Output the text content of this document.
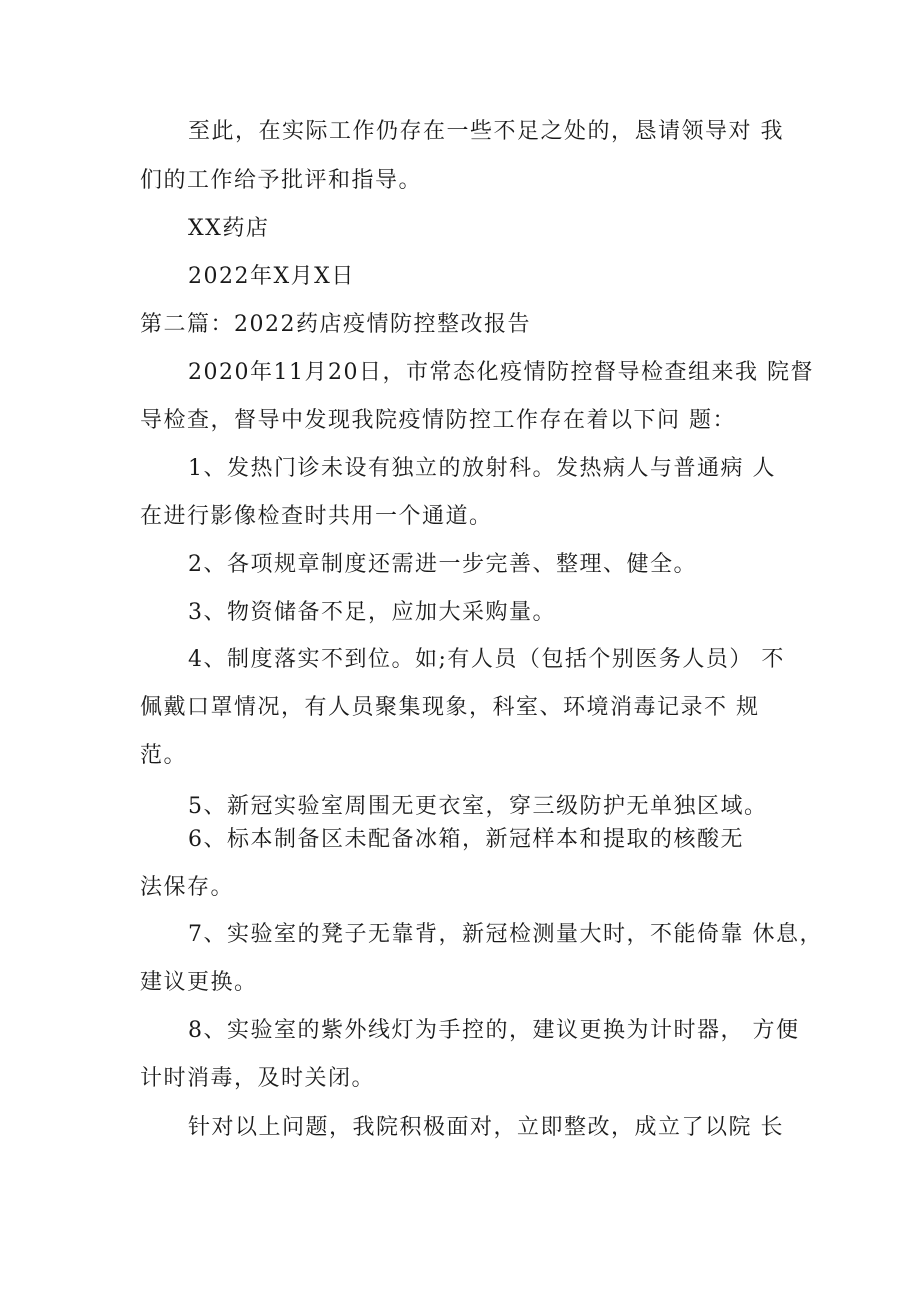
至此，在实际工作仍存在一些不足之处的，恳请领导对 我
们的工作给予批评和指导。
XX药店
2022年X月X日
第二篇：2022药店疫情防控整改报告
2020年11月20日，市常态化疫情防控督导检查组来我 院督
导检查，督导中发现我院疫情防控工作存在着以下问 题：
1、发热门诊未设有独立的放射科。发热病人与普通病 人
在进行影像检查时共用一个通道。
2、各项规章制度还需进一步完善、整理、健全。
3、物资储备不足，应加大采购量。
4、制度落实不到位。如;有人员（包括个别医务人员） 不
佩戴口罩情况，有人员聚集现象，科室、环境消毒记录不 规
范。
5、新冠实验室周围无更衣室，穿三级防护无单独区域。
6、标本制备区未配备冰箱，新冠样本和提取的核酸无
法保存。
7、实验室的凳子无靠背，新冠检测量大时，不能倚靠 休息，
建议更换。
8、实验室的紫外线灯为手控的，建议更换为计时器， 方便
计时消毒，及时关闭。
针对以上问题，我院积极面对，立即整改，成立了以院 长
